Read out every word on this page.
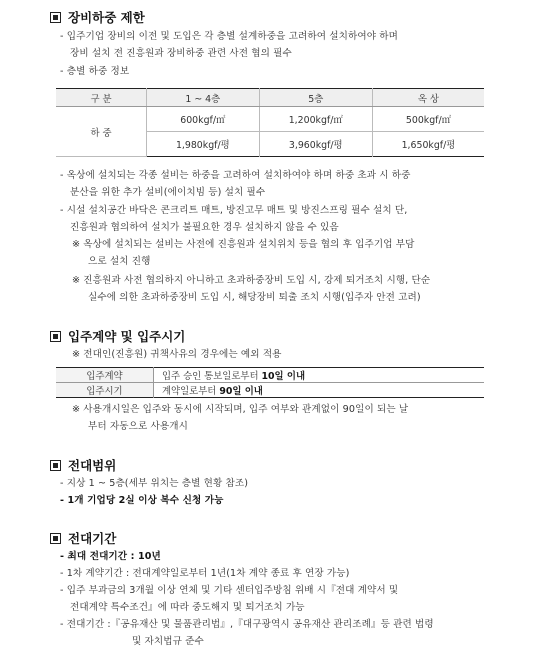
장비하중 제한
- 입주기업 장비의 이전 및 도입은 각 층별 설계하중을 고려하여 설치하여야 하며
장비 설치 전 진흥원과 장비하중 관련 사전 협의 필수
- 층별 하중 정보
구 분	1 ~ 4층	5층	옥 상
하 중	600kgf/㎡	1,200kgf/㎡	500kgf/㎡
	1,980kgf/평	3,960kgf/평	1,650kgf/평
- 옥상에 설치되는 각종 설비는 하중을 고려하여 설치하여야 하며 하중 초과 시 하중
분산을 위한 추가 설비(에이치빔 등) 설치 필수
- 시설 설치공간 바닥은 콘크리트 매트, 방진고무 매트 및 방진스프링 필수 설치 단,
진흥원과 협의하여 설치가 불필요한 경우 설치하지 않을 수 있음
※ 옥상에 설치되는 설비는 사전에 진흥원과 설치위치 등을 협의 후 입주기업 부담
으로 설치 진행
※ 진흥원과 사전 협의하지 아니하고 초과하중장비 도입 시, 강제 퇴거조치 시행, 단순
실수에 의한 초과하중장비 도입 시, 해당장비 퇴출 조치 시행(입주자 안전 고려)
입주계약 및 입주시기
※ 전대인(진흥원) 귀책사유의 경우에는 예외 적용
입주계약	입주 승인 통보일로부터 10일 이내
입주시기	계약일로부터 90일 이내
※ 사용개시일은 입주와 동시에 시작되며, 입주 여부와 관계없이 90일이 되는 날
부터 자동으로 사용개시
전대범위
- 지상 1 ~ 5층(세부 위치는 층별 현황 참조)
- 1개 기업당 2실 이상 복수 신청 가능
전대기간
- 최대 전대기간 : 10년
- 1차 계약기간 : 전대계약일로부터 1년(1차 계약 종료 후 연장 가능)
- 입주 부과금의 3개월 이상 연체 및 기타 센터입주방침 위배 시『전대 계약서 및
전대계약 특수조건』에 따라 중도해지 및 퇴거조치 가능
- 전대기간 :『공유재산 및 물품관리법』,『대구광역시 공유재산 관리조례』등 관련 법령
및 자치법규 준수
